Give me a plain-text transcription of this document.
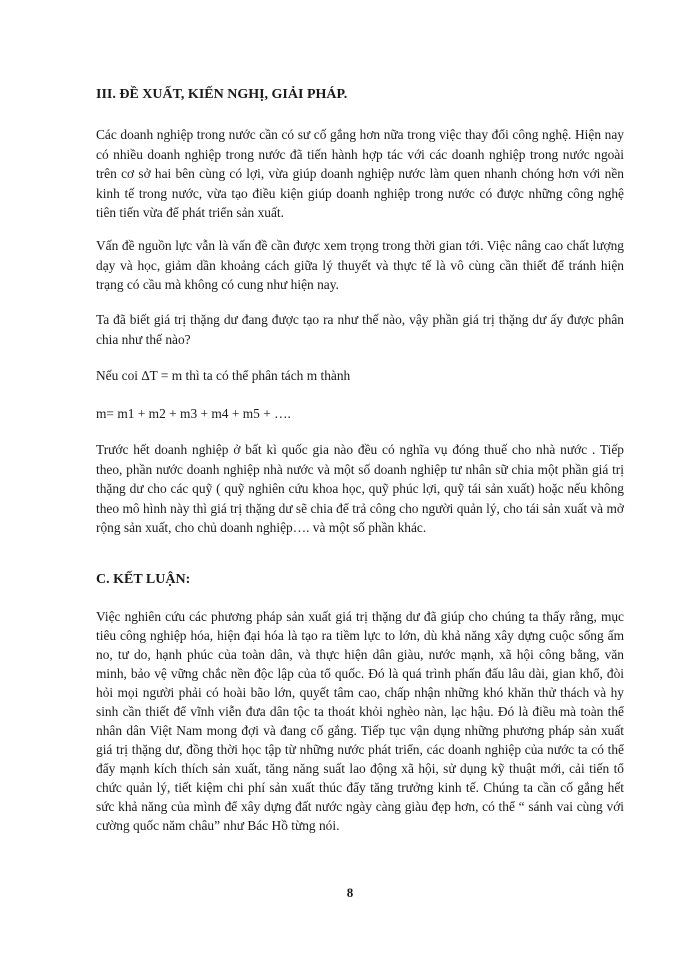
III. ĐỀ XUẤT, KIẾN NGHỊ, GIẢI PHÁP.

Các doanh nghiệp trong nước cần có sư cố gắng hơn nữa trong việc thay đổi công nghệ. Hiện nay có nhiều doanh nghiệp trong nước đã tiến hành hợp tác với các doanh nghiệp trong nước ngoài trên cơ sở hai bên cùng có lợi, vừa giúp doanh nghiệp nước làm quen nhanh chóng hơn với nền kinh tế trong nước, vừa tạo điều kiện giúp doanh nghiệp trong nước có được những công nghệ tiên tiến vừa để phát triển sản xuất.

Vấn đề nguồn lực vẫn là vấn đề cần được xem trọng trong thời gian tới. Việc nâng cao chất lượng dạy và học, giảm dần khoảng cách giữa lý thuyết và thực tế là vô cùng cần thiết để tránh hiện trạng có cầu mà không có cung như hiện nay.

Ta đã biết giá trị thặng dư đang được tạo ra như thế nào, vậy phần giá trị thặng dư ấy được phân chia như thế nào?

Nếu coi ∆T = m thì ta có thể phân tách m thành

m= m1 + m2 + m3 + m4 + m5 + ….

Trước hết doanh nghiệp ở bất kì quốc gia nào đều có nghĩa vụ đóng thuế cho nhà nước . Tiếp theo, phần nước doanh nghiệp nhà nước và một số doanh nghiệp tư nhân sữ chia một phần giá trị thặng dư cho các quỹ ( quỹ nghiên cứu khoa học, quỹ phúc lợi, quỹ tái sản xuất) hoặc nếu không theo mô hình này thì giá trị thặng dư sẽ chia để trả công cho người quản lý, cho tái sản xuất và mở rộng sản xuất, cho chủ doanh nghiệp…. và một số phần khác.

C. KẾT LUẬN:

Việc nghiên cứu các phương pháp sản xuất giá trị thặng dư đã giúp cho chúng ta thấy rằng, mục tiêu công nghiệp hóa, hiện đại hóa là tạo ra tiềm lực to lớn, dù khả năng xây dựng cuộc sống ấm no, tư do, hạnh phúc của toàn dân, và thực hiện dân giàu, nước mạnh, xã hội công bằng, văn minh, bảo vệ vững chắc nền độc lập của tổ quốc. Đó là quá trình phấn đấu lâu dài, gian khổ, đòi hỏi mọi người phải có hoài bão lớn, quyết tâm cao, chấp nhận những khó khăn thử thách và hy sinh cần thiết để vĩnh viễn đưa dân tộc ta thoát khỏi nghèo nàn, lạc hậu. Đó là điều mà toàn thể nhân dân Việt Nam mong đợi và đang cố gắng. Tiếp tục vận dụng những phương pháp sản xuất giá trị thặng dư, đồng thời học tập từ những nước phát triển, các doanh nghiệp của nước ta có thể đẩy mạnh kích thích sản xuất, tăng năng suất lao động xã hội, sử dụng kỹ thuật mới, cải tiến tổ chức quản lý, tiết kiệm chi phí sản xuất thúc đẩy tăng trưởng kinh tế. Chúng ta cần cố gắng hết sức khả năng của mình để xây dựng đất nước ngày càng giàu đẹp hơn, có thể “ sánh vai cùng với cường quốc năm châu” như Bác Hồ từng nói.

8
